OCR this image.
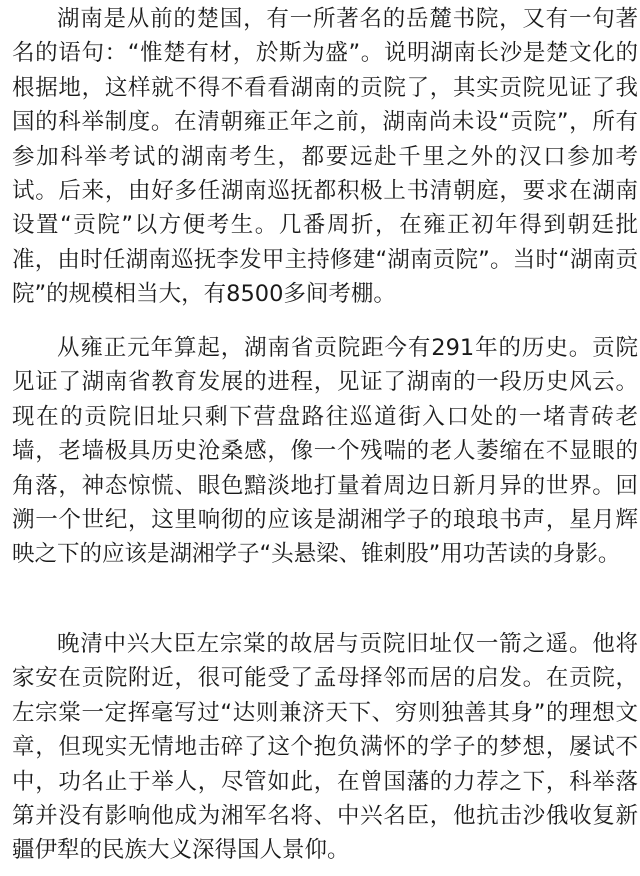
湖南是从前的楚国，有一所著名的岳麓书院，又有一句著名的语句：“惟楚有材，於斯为盛”。说明湖南长沙是楚文化的根据地，这样就不得不看看湖南的贡院了，其实贡院见证了我国的科举制度。在清朝雍正年之前，湖南尚未设“贡院”，所有参加科举考试的湖南考生，都要远赴千里之外的汉口参加考试。后来，由好多任湖南巡抚都积极上书清朝庭，要求在湖南设置“贡院”以方便考生。几番周折，在雍正初年得到朝廷批准，由时任湖南巡抚李发甲主持修建“湖南贡院”。当时“湖南贡院”的规模相当大，有8500多间考棚。

从雍正元年算起，湖南省贡院距今有291年的历史。贡院见证了湖南省教育发展的进程，见证了湖南的一段历史风云。现在的贡院旧址只剩下营盘路往巡道街入口处的一堵青砖老墙，老墙极具历史沧桑感，像一个残喘的老人萎缩在不显眼的角落，神态惊慌、眼色黯淡地打量着周边日新月异的世界。回溯一个世纪，这里响彻的应该是湖湘学子的琅琅书声，星月辉映之下的应该是湖湘学子“头悬梁、锥刺股”用功苦读的身影。

晚清中兴大臣左宗棠的故居与贡院旧址仅一箭之遥。他将家安在贡院附近，很可能受了孟母择邻而居的启发。在贡院，左宗棠一定挥毫写过“达则兼济天下、穷则独善其身”的理想文章，但现实无情地击碎了这个抱负满怀的学子的梦想，屡试不中，功名止于举人，尽管如此，在曾国藩的力荐之下，科举落第并没有影响他成为湘军名将、中兴名臣，他抗击沙俄收复新疆伊犁的民族大义深得国人景仰。
